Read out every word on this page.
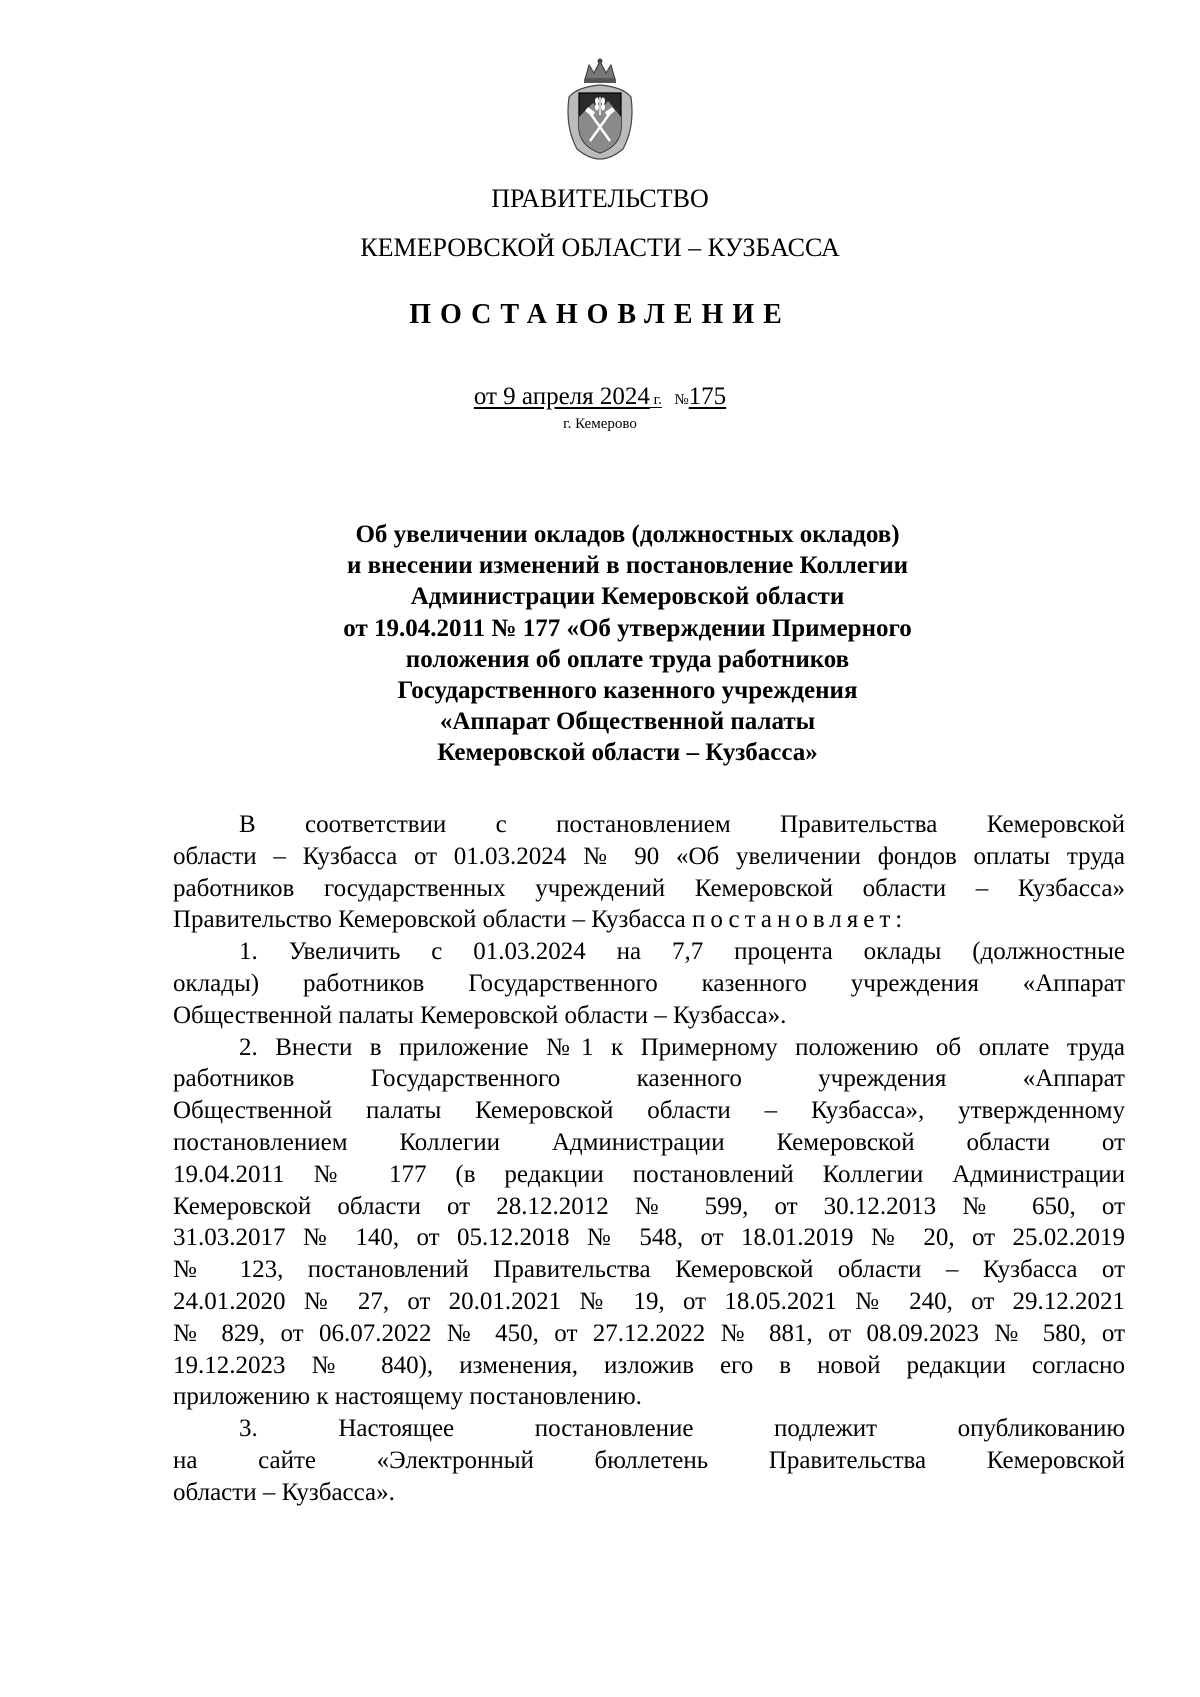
ПРАВИТЕЛЬСТВО
КЕМЕРОВСКОЙ ОБЛАСТИ – КУЗБАССА
ПОСТАНОВЛЕНИЕ
от 9 апреля 2024 г. №175
г. Кемерово
Об увеличении окладов (должностных окладов)
и внесении изменений в постановление Коллегии
Администрации Кемеровской области
от 19.04.2011 № 177 «Об утверждении Примерного
положения об оплате труда работников
Государственного казенного учреждения
«Аппарат Общественной палаты
Кемеровской области – Кузбасса»
В соответствии с постановлением Правительства Кемеровской
области – Кузбасса от 01.03.2024 № 90 «Об увеличении фондов оплаты труда
работников государственных учреждений Кемеровской области – Кузбасса»
Правительство Кемеровской области – Кузбасса постановляет:
1. Увеличить с 01.03.2024 на 7,7 процента оклады (должностные
оклады) работников Государственного казенного учреждения «Аппарат
Общественной палаты Кемеровской области – Кузбасса».
2. Внести в приложение №1 к Примерному положению об оплате труда
работников Государственного казенного учреждения «Аппарат
Общественной палаты Кемеровской области – Кузбасса», утвержденному
постановлением Коллегии Администрации Кемеровской области от
19.04.2011 № 177 (в редакции постановлений Коллегии Администрации
Кемеровской области от 28.12.2012 № 599, от 30.12.2013 № 650, от
31.03.2017 № 140, от 05.12.2018 № 548, от 18.01.2019 № 20, от 25.02.2019
№ 123, постановлений Правительства Кемеровской области – Кузбасса от
24.01.2020 № 27, от 20.01.2021 № 19, от 18.05.2021 № 240, от 29.12.2021
№ 829, от 06.07.2022 № 450, от 27.12.2022 № 881, от 08.09.2023 № 580, от
19.12.2023 № 840), изменения, изложив его в новой редакции согласно
приложению к настоящему постановлению.
3. Настоящее постановление подлежит опубликованию
на сайте «Электронный бюллетень Правительства Кемеровской
области – Кузбасса».
